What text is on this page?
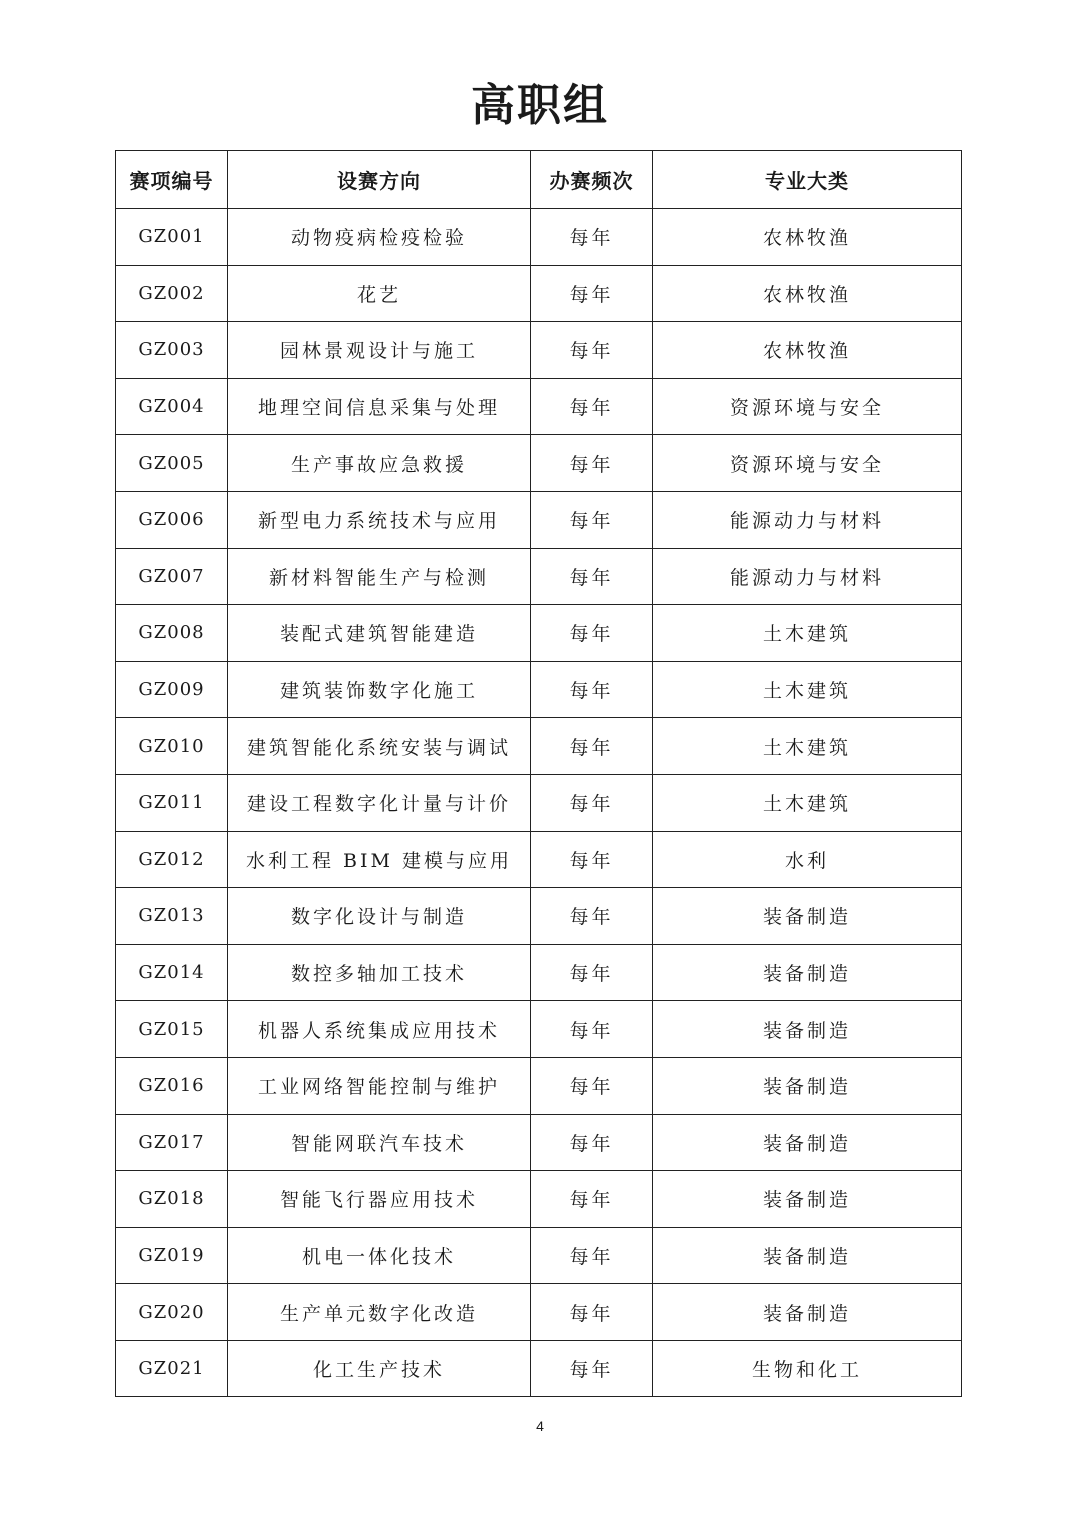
高职组
赛项编号	设赛方向	办赛频次	专业大类
GZ001	动物疫病检疫检验	每年	农林牧渔
GZ002	花艺	每年	农林牧渔
GZ003	园林景观设计与施工	每年	农林牧渔
GZ004	地理空间信息采集与处理	每年	资源环境与安全
GZ005	生产事故应急救援	每年	资源环境与安全
GZ006	新型电力系统技术与应用	每年	能源动力与材料
GZ007	新材料智能生产与检测	每年	能源动力与材料
GZ008	装配式建筑智能建造	每年	土木建筑
GZ009	建筑装饰数字化施工	每年	土木建筑
GZ010	建筑智能化系统安装与调试	每年	土木建筑
GZ011	建设工程数字化计量与计价	每年	土木建筑
GZ012	水利工程 BIM 建模与应用	每年	水利
GZ013	数字化设计与制造	每年	装备制造
GZ014	数控多轴加工技术	每年	装备制造
GZ015	机器人系统集成应用技术	每年	装备制造
GZ016	工业网络智能控制与维护	每年	装备制造
GZ017	智能网联汽车技术	每年	装备制造
GZ018	智能飞行器应用技术	每年	装备制造
GZ019	机电一体化技术	每年	装备制造
GZ020	生产单元数字化改造	每年	装备制造
GZ021	化工生产技术	每年	生物和化工
4
